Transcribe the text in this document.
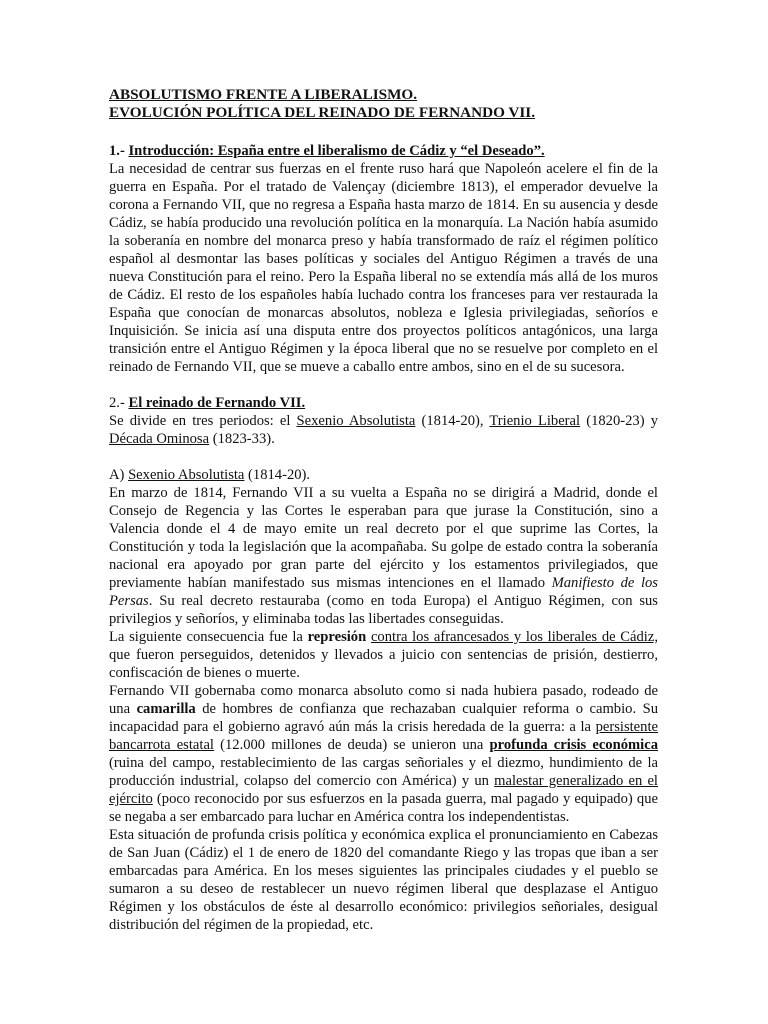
ABSOLUTISMO FRENTE A LIBERALISMO.
EVOLUCIÓN POLÍTICA DEL REINADO DE FERNANDO VII.
1.- Introducción: España entre el liberalismo de Cádiz y “el Deseado”.

La necesidad de centrar sus fuerzas en el frente ruso hará que Napoleón acelere el fin de la guerra en España. Por el tratado de Valençay (diciembre 1813), el emperador devuelve la corona a Fernando VII, que no regresa a España hasta marzo de 1814. En su ausencia y desde Cádiz, se había producido una revolución política en la monarquía. La Nación había asumido la soberanía en nombre del monarca preso y había transformado de raíz el régimen político español al desmontar las bases políticas y sociales del Antiguo Régimen a través de una nueva Constitución para el reino. Pero la España liberal no se extendía más allá de los muros de Cádiz. El resto de los españoles había luchado contra los franceses para ver restaurada la España que conocían de monarcas absolutos, nobleza e Iglesia privilegiadas, señoríos e Inquisición. Se inicia así una disputa entre dos proyectos políticos antagónicos, una larga transición entre el Antiguo Régimen y la época liberal que no se resuelve por completo en el reinado de Fernando VII, que se mueve a caballo entre ambos, sino en el de su sucesora.

2.- El reinado de Fernando VII.

Se divide en tres periodos: el Sexenio Absolutista (1814-20), Trienio Liberal (1820-23) y Década Ominosa (1823-33).

A) Sexenio Absolutista (1814-20).

En marzo de 1814, Fernando VII a su vuelta a España no se dirigirá a Madrid, donde el Consejo de Regencia y las Cortes le esperaban para que jurase la Constitución, sino a Valencia donde el 4 de mayo emite un real decreto por el que suprime las Cortes, la Constitución y toda la legislación que la acompañaba. Su golpe de estado contra la soberanía nacional era apoyado por gran parte del ejército y los estamentos privilegiados, que previamente habían manifestado sus mismas intenciones en el llamado Manifiesto de los Persas. Su real decreto restauraba (como en toda Europa) el Antiguo Régimen, con sus privilegios y señoríos, y eliminaba todas las libertades conseguidas.

La siguiente consecuencia fue la represión contra los afrancesados y los liberales de Cádiz, que fueron perseguidos, detenidos y llevados a juicio con sentencias de prisión, destierro, confiscación de bienes o muerte.

Fernando VII gobernaba como monarca absoluto como si nada hubiera pasado, rodeado de una camarilla de hombres de confianza que rechazaban cualquier reforma o cambio. Su incapacidad para el gobierno agravó aún más la crisis heredada de la guerra: a la persistente bancarrota estatal (12.000 millones de deuda) se unieron una profunda crisis económica (ruina del campo, restablecimiento de las cargas señoriales y el diezmo, hundimiento de la producción industrial, colapso del comercio con América) y un malestar generalizado en el ejército (poco reconocido por sus esfuerzos en la pasada guerra, mal pagado y equipado) que se negaba a ser embarcado para luchar en América contra los independentistas.

Esta situación de profunda crisis política y económica explica el pronunciamiento en Cabezas de San Juan (Cádiz) el 1 de enero de 1820 del comandante Riego y las tropas que iban a ser embarcadas para América. En los meses siguientes las principales ciudades y el pueblo se sumaron a su deseo de restablecer un nuevo régimen liberal que desplazase el Antiguo Régimen y los obstáculos de éste al desarrollo económico: privilegios señoriales, desigual distribución del régimen de la propiedad, etc.
